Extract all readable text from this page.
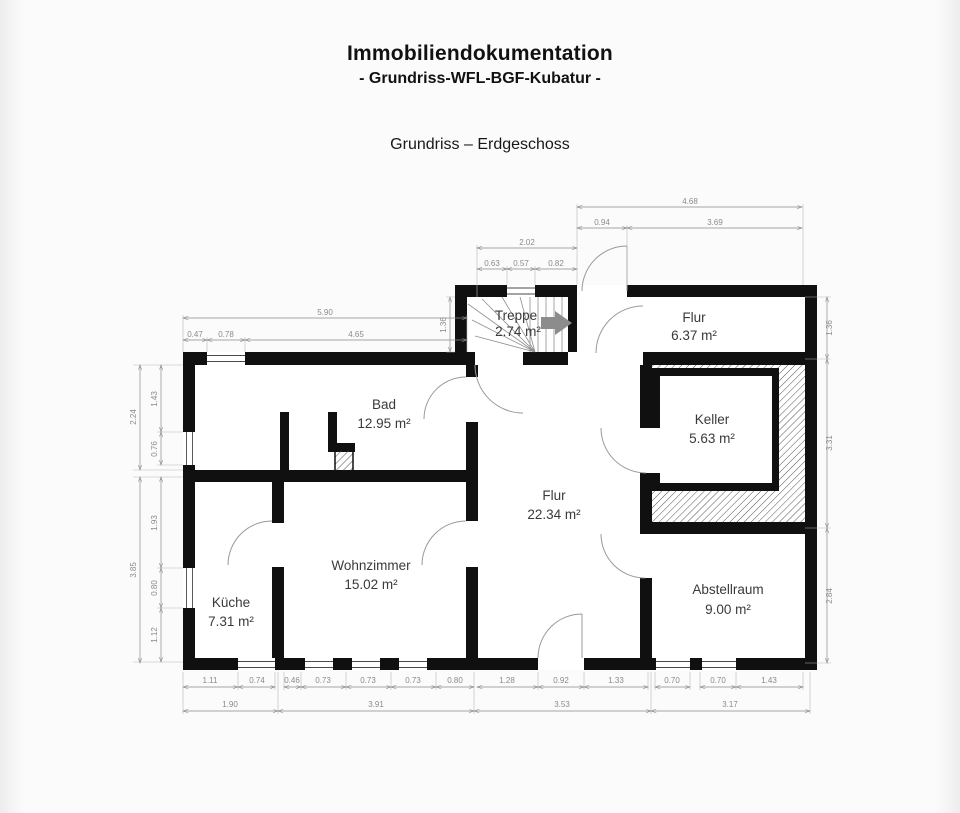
Immobiliendokumentation
- Grundriss-WFL-BGF-Kubatur -
Grundriss – Erdgeschoss
4.68
0.94	3.69
2.02
0.63 0.57 0.82
5.90
0.47 0.78	4.65
2.24
1.43
0.76
3.85
1.93
0.80
1.12
1.36	1.36
3.31
2.84
1.11	0.74 0.46 0.73	0.73	0.73	0.80	1.28	0.92	1.33	0.70	0.70	1.43
1.90	3.91	3.53	3.17
Treppe
2.74 m²
Flur
6.37 m²
Bad
12.95 m²	Keller
5.63 m²
Flur
22.34 m²
Wohnzimmer
15.02 m²
Küche
7.31 m²
Abstellraum
9.00 m²
